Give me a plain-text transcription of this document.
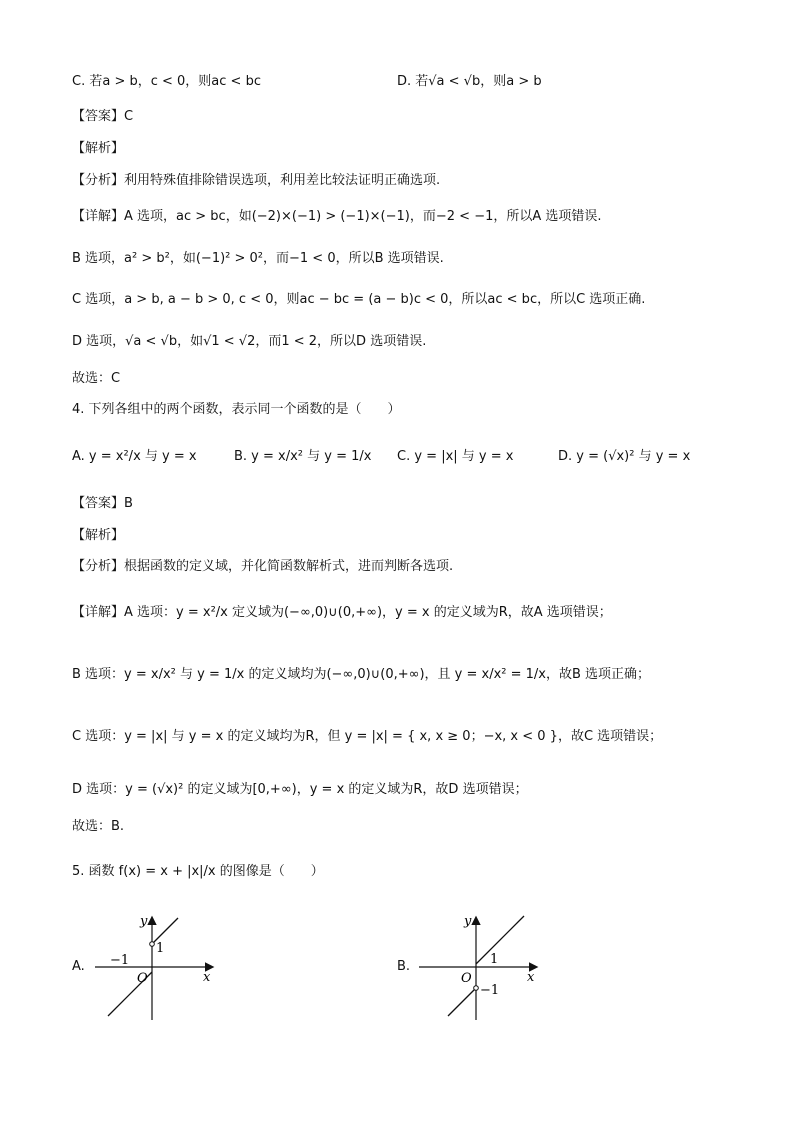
C. 若a > b，c < 0，则ac < bc	D. 若√a < √b，则a > b
【答案】C
【解析】
【分析】利用特殊值排除错误选项，利用差比较法证明正确选项.
【详解】A 选项，ac > bc，如(−2)×(−1) > (−1)×(−1)，而−2 < −1，所以A 选项错误.
B 选项，a² > b²，如(−1)² > 0²，而−1 < 0，所以B 选项错误.
C 选项，a > b, a − b > 0, c < 0，则ac − bc = (a − b)c < 0，所以ac < bc，所以C 选项正确.
D 选项，√a < √b，如√1 < √2，而1 < 2，所以D 选项错误.
故选：C
4. 下列各组中的两个函数，表示同一个函数的是（　　）
A. y = x²/x 与 y = x	B. y = x/x² 与 y = 1/x C. y = |x| 与 y = x	D. y = (√x)² 与 y = x
【答案】B
【解析】
【分析】根据函数的定义域，并化简函数解析式，进而判断各选项.
【详解】A 选项：y = x²/x 定义域为(−∞,0)∪(0,+∞)，y = x 的定义域为R，故A 选项错误；
B 选项：y = x/x² 与 y = 1/x 的定义域均为(−∞,0)∪(0,+∞)，且 y = x/x² = 1/x，故B 选项正确；
C 选项：y = |x| 与 y = x 的定义域均为R，但 y = |x| = { x, x ≥ 0；−x, x < 0 }，故C 选项错误；
D 选项：y = (√x)² 的定义域为[0,+∞)，y = x 的定义域为R，故D 选项错误；
故选：B.
5. 函数 f(x) = x + |x|/x 的图像是（　　）
A.
y
x
O
1
−1	B.
y
x
O
1
−1
